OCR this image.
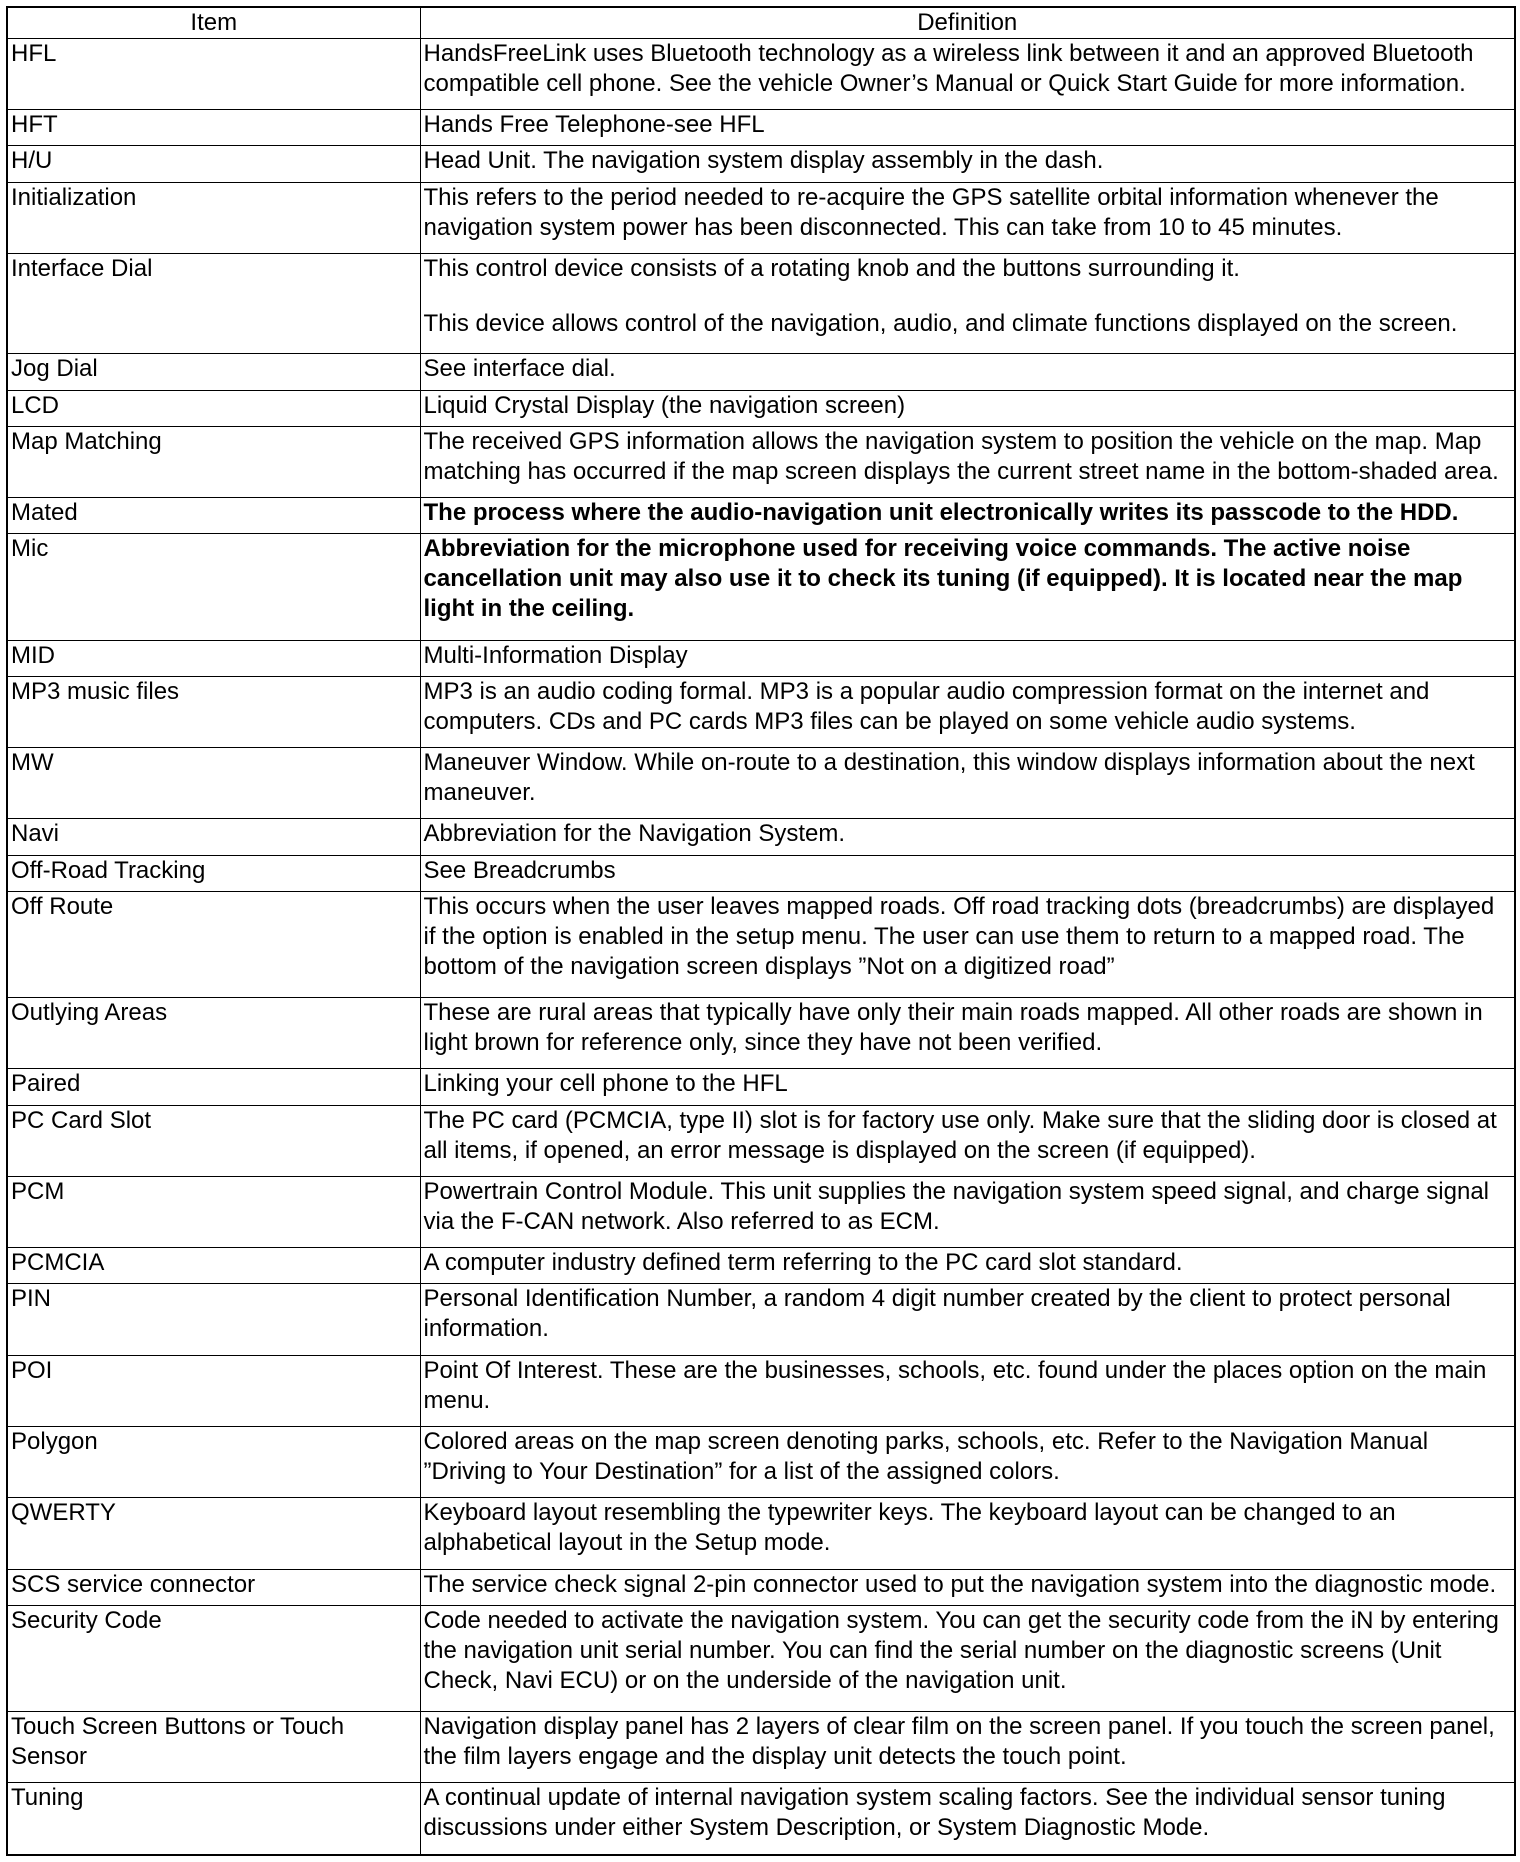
Item	Definition
HFL	HandsFreeLink uses Bluetooth technology as a wireless link between it and an approved Bluetooth compatible cell phone. See the vehicle Owner’s Manual or Quick Start Guide for more information.

HFT	Hands Free Telephone-see HFL

H/U	Head Unit. The navigation system display assembly in the dash.

Initialization	This refers to the period needed to re-acquire the GPS satellite orbital information whenever the navigation system power has been disconnected. This can take from 10 to 45 minutes.

Interface Dial	This control device consists of a rotating knob and the buttons surrounding it.
This device allows control of the navigation, audio, and climate functions displayed on the screen.

Jog Dial	See interface dial.

LCD	Liquid Crystal Display (the navigation screen)

Map Matching	The received GPS information allows the navigation system to position the vehicle on the map. Map matching has occurred if the map screen displays the current street name in the bottom-shaded area.

Mated	The process where the audio-navigation unit electronically writes its passcode to the HDD.

Mic	Abbreviation for the microphone used for receiving voice commands. The active noise cancellation unit may also use it to check its tuning (if equipped). It is located near the map light in the ceiling.

MID	Multi-Information Display

MP3 music files	MP3 is an audio coding formal. MP3 is a popular audio compression format on the internet and computers. CDs and PC cards MP3 files can be played on some vehicle audio systems.

MW	Maneuver Window. While on-route to a destination, this window displays information about the next maneuver.

Navi	Abbreviation for the Navigation System.

Off-Road Tracking	See Breadcrumbs

Off Route	This occurs when the user leaves mapped roads. Off road tracking dots (breadcrumbs) are displayed if the option is enabled in the setup menu. The user can use them to return to a mapped road. The bottom of the navigation screen displays ”Not on a digitized road”

Outlying Areas	These are rural areas that typically have only their main roads mapped. All other roads are shown in light brown for reference only, since they have not been verified.

Paired	Linking your cell phone to the HFL

PC Card Slot	The PC card (PCMCIA, type II) slot is for factory use only. Make sure that the sliding door is closed at all items, if opened, an error message is displayed on the screen (if equipped).

PCM	Powertrain Control Module. This unit supplies the navigation system speed signal, and charge signal via the F-CAN network. Also referred to as ECM.

PCMCIA	A computer industry defined term referring to the PC card slot standard.

PIN	Personal Identification Number, a random 4 digit number created by the client to protect personal information.

POI	Point Of Interest. These are the businesses, schools, etc. found under the places option on the main menu.

Polygon	Colored areas on the map screen denoting parks, schools, etc. Refer to the Navigation Manual ”Driving to Your Destination” for a list of the assigned colors.

QWERTY	Keyboard layout resembling the typewriter keys. The keyboard layout can be changed to an alphabetical layout in the Setup mode.

SCS service connector	The service check signal 2-pin connector used to put the navigation system into the diagnostic mode.

Security Code	Code needed to activate the navigation system. You can get the security code from the iN by entering the navigation unit serial number. You can find the serial number on the diagnostic screens (Unit Check, Navi ECU) or on the underside of the navigation unit.

Touch Screen Buttons or Touch Sensor	Navigation display panel has 2 layers of clear film on the screen panel. If you touch the screen panel, the film layers engage and the display unit detects the touch point.

Tuning	A continual update of internal navigation system scaling factors. See the individual sensor tuning discussions under either System Description, or System Diagnostic Mode.
